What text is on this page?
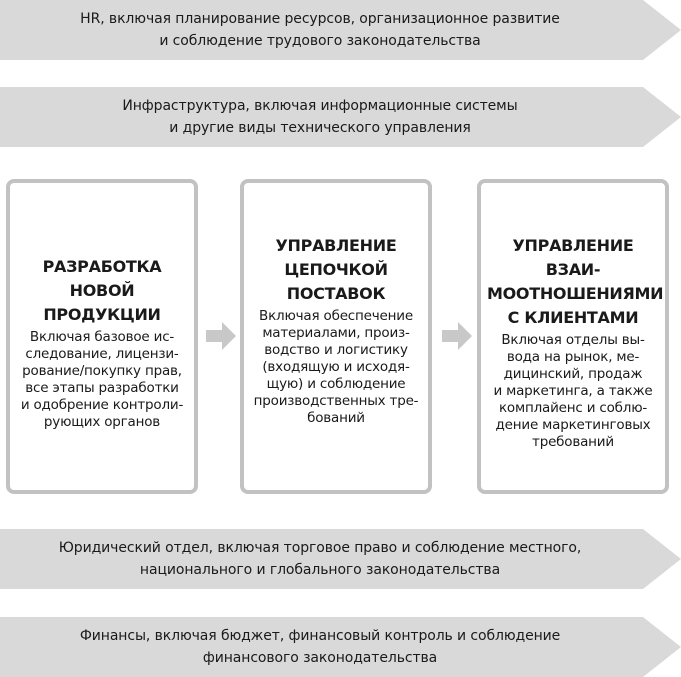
HR, включая планирование ресурсов, организационное развитие
и соблюдение трудового законодательства
Инфраструктура, включая информационные системы
и другие виды технического управления
РАЗРАБОТКА
НОВОЙ ПРОДУКЦИИ
Включая базовое ис-
следование, лицензи-
рование/покупку прав,
все этапы разработки
и одобрение контроли-
рующих органов
УПРАВЛЕНИЕ
ЦЕПОЧКОЙ
ПОСТАВОК
Включая обеспечение
материалами, произ-
водство и логистику
(входящую и исходя-
щую) и соблюдение
производственных тре-
бований
УПРАВЛЕНИЕ ВЗАИ-
МООТНОШЕНИЯМИ
С КЛИЕНТАМИ
Включая отделы вы-
вода на рынок, ме-
дицинский, продаж
и маркетинга, а также
комплайенс и соблю-
дение маркетинговых
требований
Юридический отдел, включая торговое право и соблюдение местного,
национального и глобального законодательства
Финансы, включая бюджет, финансовый контроль и соблюдение
финансового законодательства
